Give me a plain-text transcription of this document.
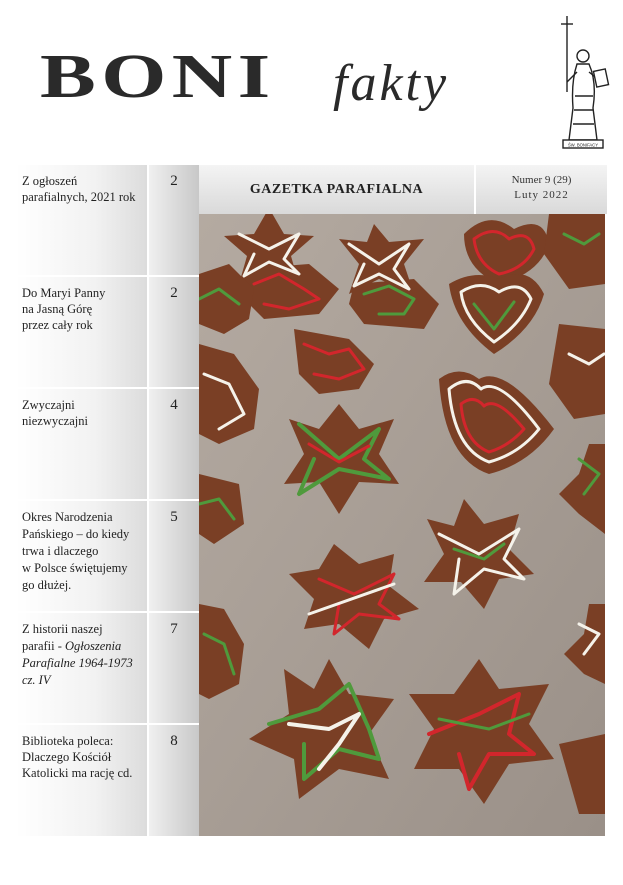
BONI fakty
ŚW. BONIFACY
Z ogłoszeń
parafialnych, 2021 rok
2
Do Maryi Panny
na Jasną Górę
przez cały rok
2
Zwyczajni
niezwyczajni
4
Okres Narodzenia
Pańskiego – do kiedy
trwa i dlaczego
w Polsce świętujemy
go dłużej.
5
Z historii naszej
parafii - Ogłoszenia
Parafialne 1964-1973
cz. IV
7
Biblioteka poleca:
Dlaczego Kościół
Katolicki ma rację cd.
8
GAZETKA PARAFIALNA
Numer 9 (29)
Luty 2022
